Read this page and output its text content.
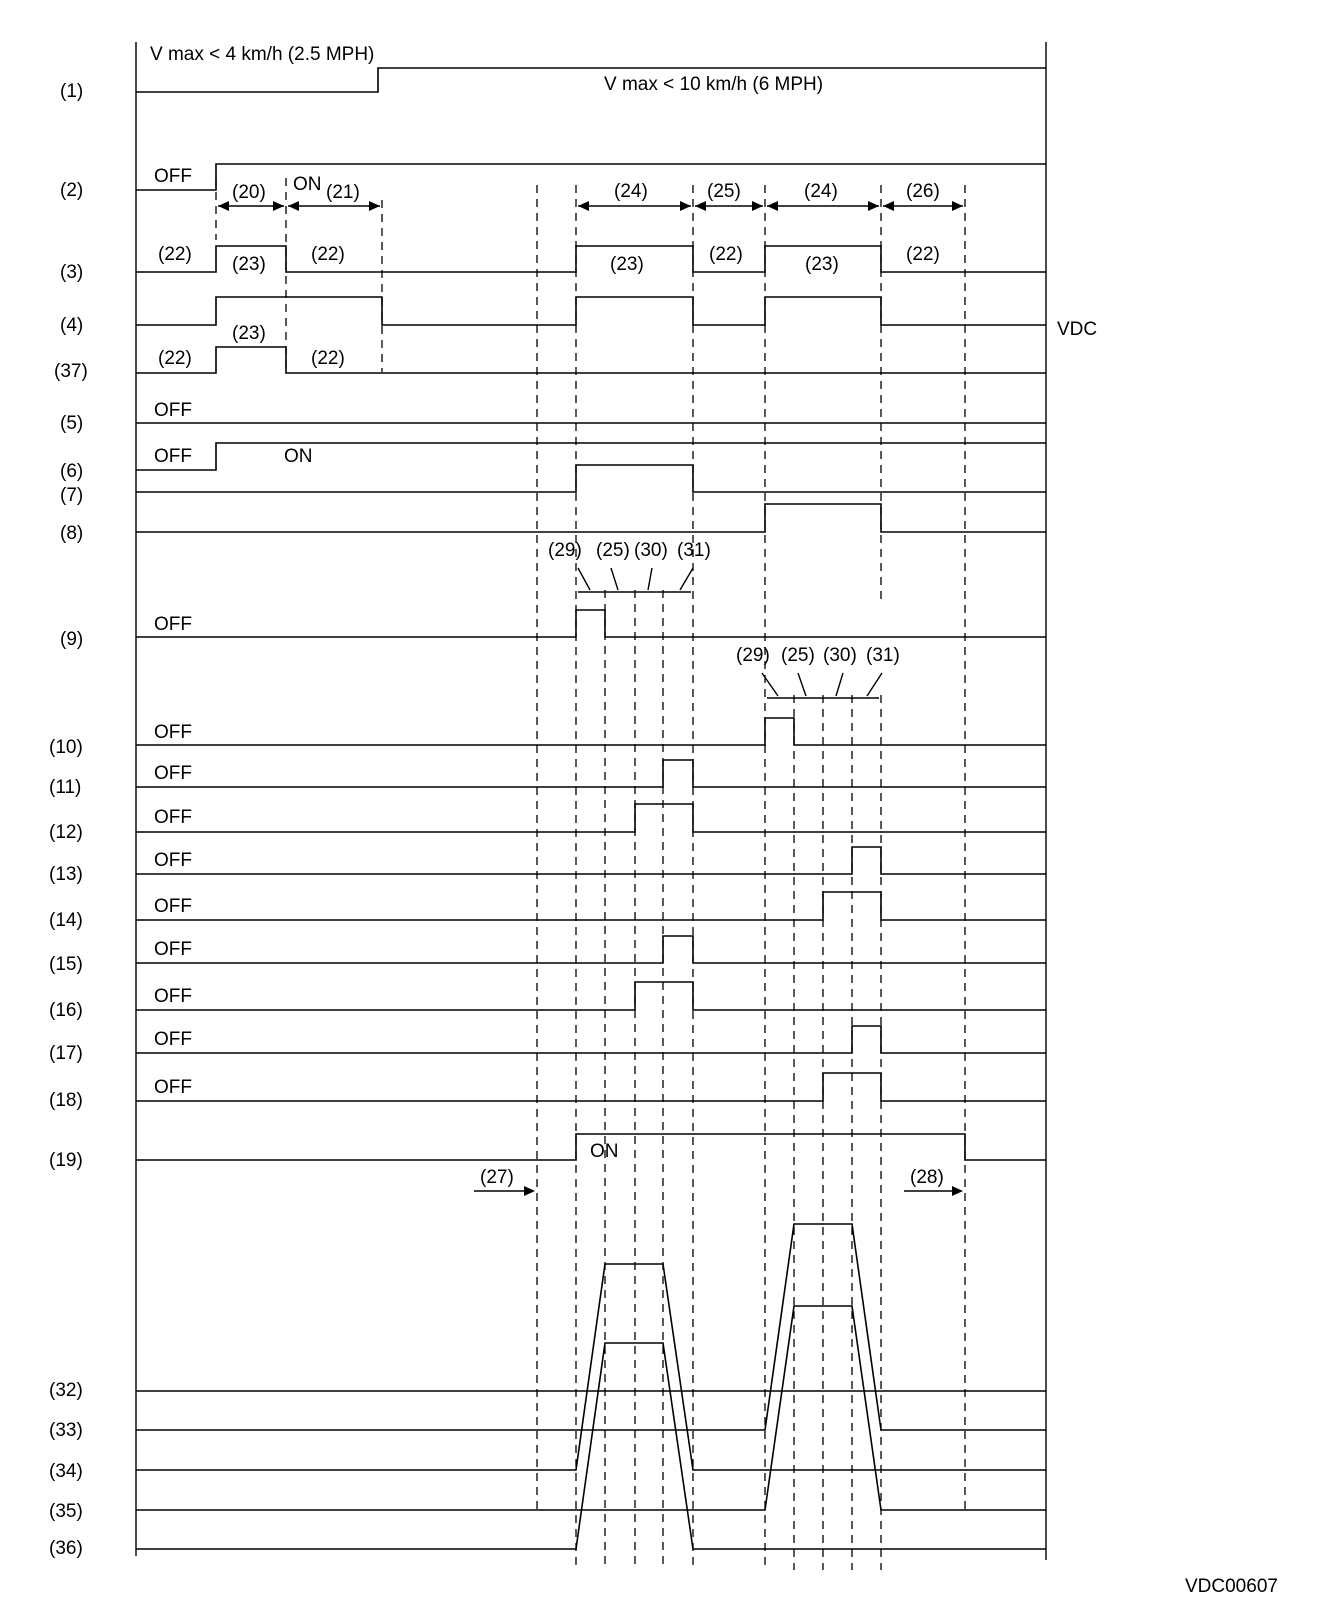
(1)
(2)
(3)
(4)
(37)
(5)
(6)
(7)
(8)
(9)
(10)
(11)
(12)
(13)
(14)
(15)
(16)
(17)
(18)
(19)
(32)
(33)
(34)
(35)
(36)
V max < 4 km/h (2.5 MPH)
V max < 10 km/h (6 MPH)
OFF	ON
(20)	(21)	(24)	(25)	(24)	(26)
(22) (23) (22)	(23)	(22)	(23)	(22)
VDC
(22)
(23)
(22)
OFF
OFF	ON
(29) (25) (30) (31)
OFF
(29) (25) (30) (31)
OFF
OFF
OFF
OFF
OFF
OFF
OFF
OFF
OFF
ON
(27)	(28)
VDC00607
